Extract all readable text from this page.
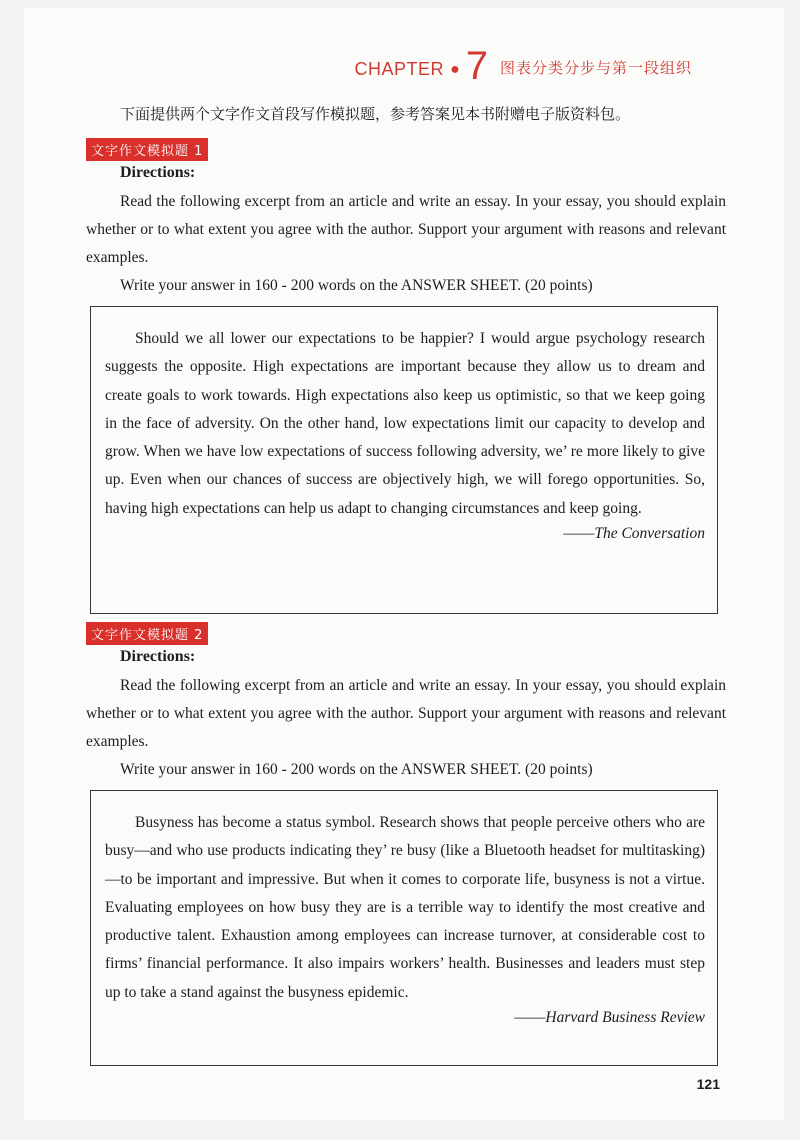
CHAPTER ● 7 图表分类分步与第一段组织
下面提供两个文字作文首段写作模拟题，参考答案见本书附赠电子版资料包。
文字作文模拟题 1
Directions:

Read the following excerpt from an article and write an essay. In your essay, you should explain whether or to what extent you agree with the author. Support your argument with reasons and relevant examples.

Write your answer in 160 - 200 words on the ANSWER SHEET. (20 points)

Should we all lower our expectations to be happier? I would argue psychology research suggests the opposite. High expectations are important because they allow us to dream and create goals to work towards. High expectations also keep us optimistic, so that we keep going in the face of adversity. On the other hand, low expectations limit our capacity to develop and grow. When we have low expectations of success following adversity, we’ re more likely to give up. Even when our chances of success are objectively high, we will forego opportunities. So, having high expectations can help us adapt to changing circumstances and keep going.

——The Conversation
文字作文模拟题 2
Directions:

Read the following excerpt from an article and write an essay. In your essay, you should explain whether or to what extent you agree with the author. Support your argument with reasons and relevant examples.

Write your answer in 160 - 200 words on the ANSWER SHEET. (20 points)

Busyness has become a status symbol. Research shows that people perceive others who are busy—and who use products indicating they’ re busy (like a Bluetooth headset for multitasking)—to be important and impressive. But when it comes to corporate life, busyness is not a virtue. Evaluating employees on how busy they are is a terrible way to identify the most creative and productive talent. Exhaustion among employees can increase turnover, at considerable cost to firms’ financial performance. It also impairs workers’ health. Businesses and leaders must step up to take a stand against the busyness epidemic.

——Harvard Business Review
121
